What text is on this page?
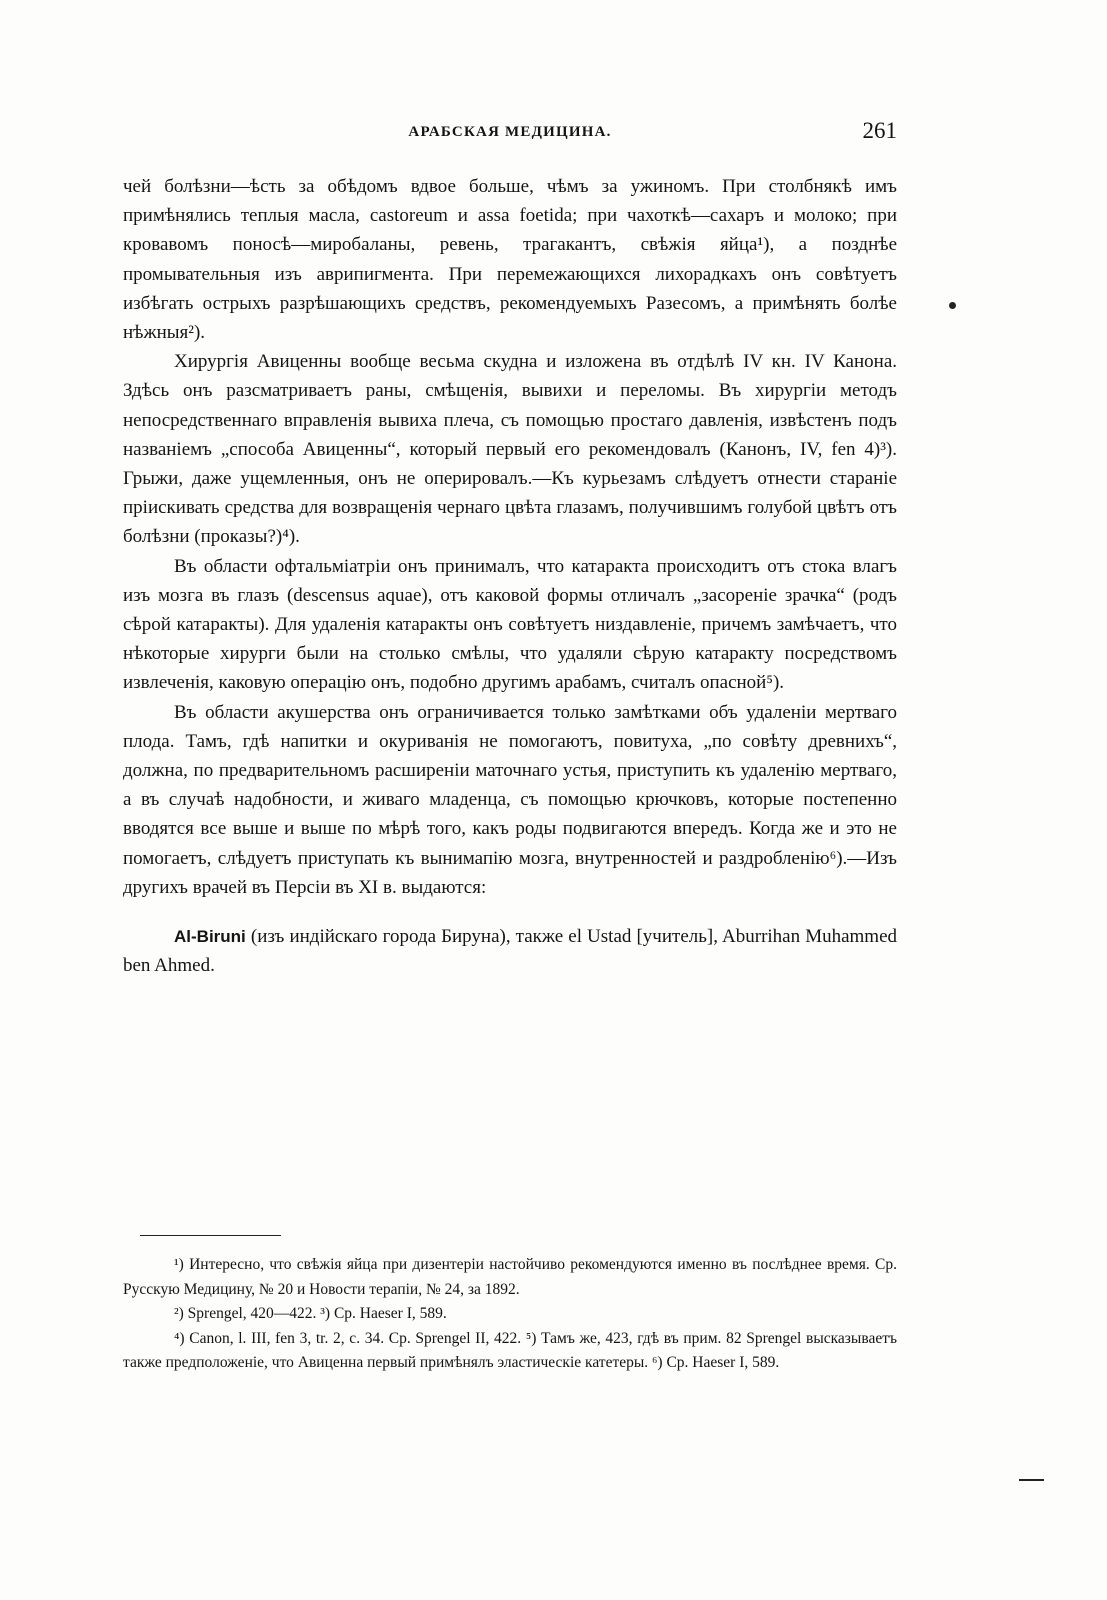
АРАБСКАЯ МЕДИЦИНА.	261

чей болѣзни—ѣсть за обѣдомъ вдвое больше, чѣмъ за ужиномъ. При столбнякѣ имъ примѣнялись теплыя масла, castoreum и assa foetida; при чахоткѣ—сахаръ и молоко; при кровавомъ поносѣ—миробаланы, ревень, трагакантъ, свѣжія яйца¹), а позднѣе промывательныя изъ аврипигмента. При перемежающихся лихорадкахъ онъ совѣтуетъ избѣгать острыхъ разрѣшающихъ средствъ, рекомендуемыхъ Разесомъ, а примѣнять болѣе нѣжныя²).

Хирургія Авиценны вообще весьма скудна и изложена въ отдѣлѣ IV кн. IV Канона. Здѣсь онъ разсматриваетъ раны, смѣщенія, вывихи и переломы. Въ хирургіи методъ непосредственнаго вправленія вывиха плеча, съ помощью простаго давленія, извѣстенъ подъ названіемъ „способа Авиценны“, который первый его рекомендовалъ (Канонъ, IV, fen 4)³). Грыжи, даже ущемленныя, онъ не оперировалъ.—Къ курьезамъ слѣдуетъ отнести стараніе пріискивать средства для возвращенія чернаго цвѣта глазамъ, получившимъ голубой цвѣтъ отъ болѣзни (проказы?)⁴).

Въ области офтальміатріи онъ принималъ, что катаракта происходитъ отъ стока влагъ изъ мозга въ глазъ (descensus aquae), отъ каковой формы отличалъ „засореніе зрачка“ (родъ сѣрой катаракты). Для удаленія катаракты онъ совѣтуетъ низдавленіе, причемъ замѣчаетъ, что нѣкоторые хирурги были на столько смѣлы, что удаляли сѣрую катаракту посредствомъ извлеченія, каковую операцію онъ, подобно другимъ арабамъ, считалъ опасной⁵).

Въ области акушерства онъ ограничивается только замѣтками объ удаленіи мертваго плода. Тамъ, гдѣ напитки и окуриванія не помогаютъ, повитуха, „по совѣту древнихъ“, должна, по предварительномъ расширеніи маточнаго устья, приступить къ удаленію мертваго, а въ случаѣ надобности, и живаго младенца, съ помощью крючковъ, которые постепенно вводятся все выше и выше по мѣрѣ того, какъ роды подвигаются впередъ. Когда же и это не помогаетъ, слѣдуетъ приступать къ вынимапію мозга, внутренностей и раздробленію⁶).—Изъ другихъ врачей въ Персіи въ XI в. выдаются:

Al-Biruni (изъ индійскаго города Бируна), также el Ustad [учитель], Aburrihan Muhammed ben Ahmed.

¹) Интересно, что свѣжія яйца при дизентеріи настойчиво рекомендуются именно въ послѣднее время. Ср. Русскую Медицину, № 20 и Новости терапіи, № 24, за 1892.

²) Sprengel, 420—422. ³) Ср. Haeser I, 589.

⁴) Canon, l. III, fen 3, tr. 2, c. 34. Ср. Sprengel II, 422. ⁵) Тамъ же, 423, гдѣ въ прим. 82 Sprengel высказываетъ также предположеніе, что Авиценна первый примѣнялъ эластическіе катетеры. ⁶) Ср. Haeser I, 589.
